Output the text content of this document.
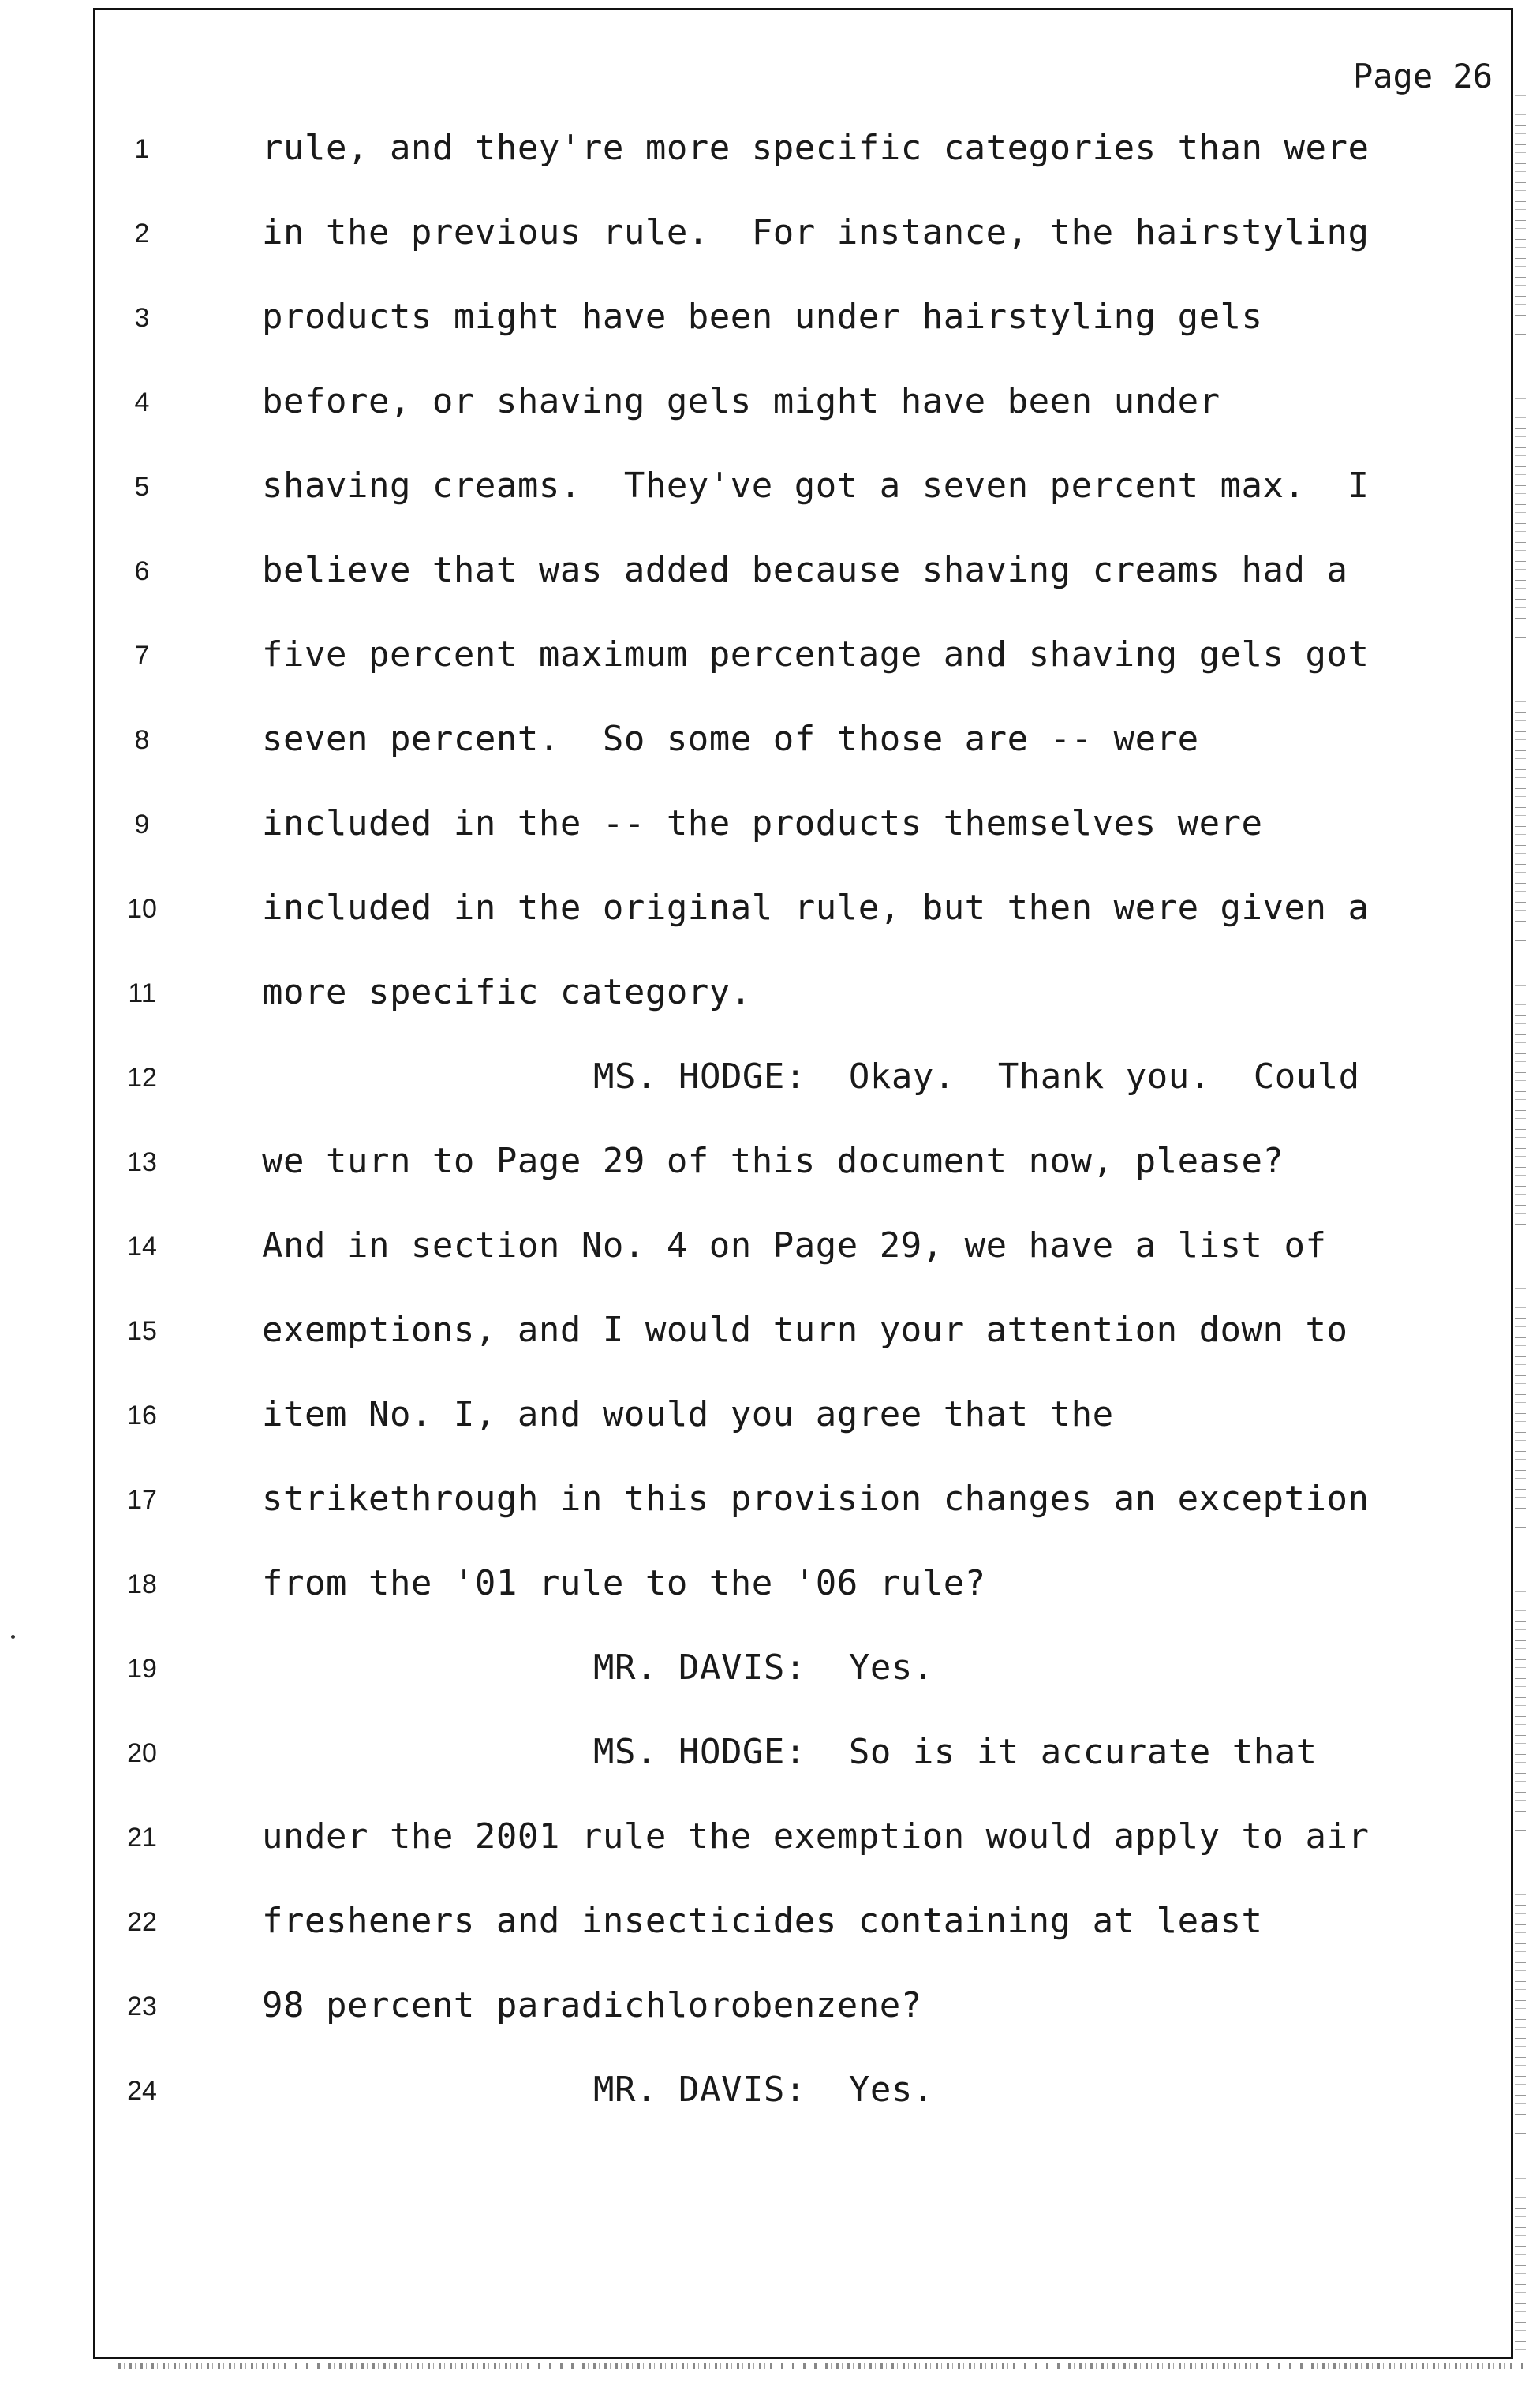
Page 26
1	rule, and they're more specific categories than were
2	in the previous rule.  For instance, the hairstyling
3	products might have been under hairstyling gels
4	before, or shaving gels might have been under
5	shaving creams.  They've got a seven percent max.  I
6	believe that was added because shaving creams had a
7	five percent maximum percentage and shaving gels got
8	seven percent.  So some of those are -- were
9	included in the -- the products themselves were
10	included in the original rule, but then were given a
11	more specific category.
12	MS. HODGE:  Okay.  Thank you.  Could
13	we turn to Page 29 of this document now, please?
14	And in section No. 4 on Page 29, we have a list of
15	exemptions, and I would turn your attention down to
16	item No. I, and would you agree that the
17	strikethrough in this provision changes an exception
18	from the '01 rule to the '06 rule?
19	MR. DAVIS:  Yes.
20	MS. HODGE:  So is it accurate that
21	under the 2001 rule the exemption would apply to air
22	fresheners and insecticides containing at least
23	98 percent paradichlorobenzene?
24	MR. DAVIS:  Yes.
